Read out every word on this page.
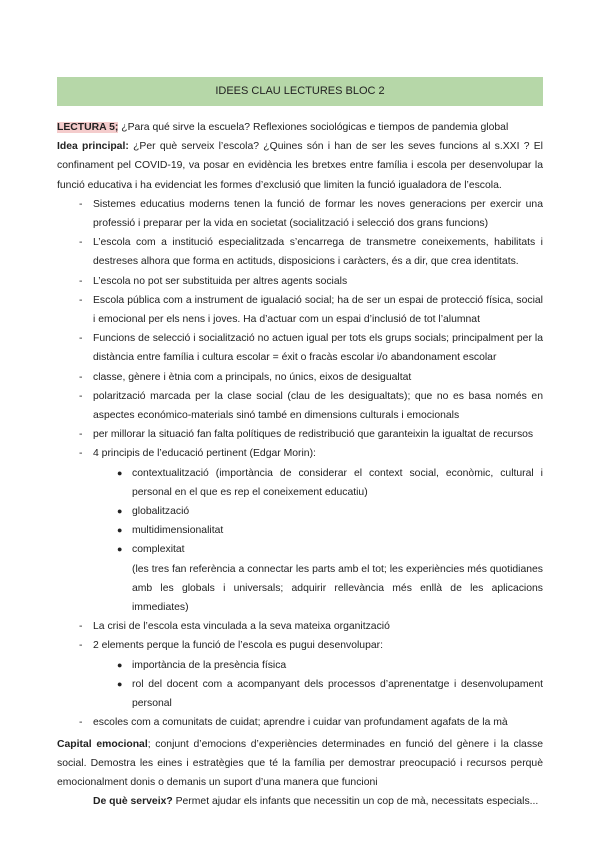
IDEES CLAU LECTURES BLOC 2

LECTURA 5; ¿Para qué sirve la escuela? Reflexiones sociológicas e tiempos de pandemia global

Idea principal: ¿Per què serveix l’escola? ¿Quines són i han de ser les seves funcions al s.XXI ? El confinament pel COVID-19, va posar en evidència les bretxes entre família i escola per desenvolupar la funció educativa i ha evidenciat les formes d’exclusió que limiten la funció igualadora de l’escola.

- Sistemes educatius moderns tenen la funció de formar les noves generacions per exercir una professió i preparar per la vida en societat (socialització i selecció dos grans funcions)
- L’escola com a institució especialitzada s’encarrega de transmetre coneixements, habilitats i destreses alhora que forma en actituds, disposicions i caràcters, és a dir, que crea identitats.
- L’escola no pot ser substituida per altres agents socials
- Escola pública com a instrument de igualació social; ha de ser un espai de protecció física, social i emocional per els nens i joves. Ha d’actuar com un espai d’inclusió de tot l’alumnat
- Funcions de selecció i socialització no actuen igual per tots els grups socials; principalment per la distància entre família i cultura escolar = éxit o fracàs escolar i/o abandonament escolar
- classe, gènere i ètnia com a principals, no únics, eixos de desigualtat
- polarització marcada per la clase social (clau de les desigualtats); que no es basa només en aspectes económico-materials sinó també en dimensions culturals i emocionals
- per millorar la situació fan falta polítiques de redistribució que garanteixin la igualtat de recursos
- 4 principis de l’educació pertinent (Edgar Morin):
● contextualització (importància de considerar el context social, econòmic, cultural i personal en el que es rep el coneixement educatiu)
● globalització
● multidimensionalitat
● complexitat
(les tres fan referència a connectar les parts amb el tot; les experiències més quotidianes amb les globals i universals; adquirir rellevància més enllà de les aplicacions immediates)
- La crisi de l’escola esta vinculada a la seva mateixa organització
- 2 elements perque la funció de l’escola es pugui desenvolupar:
● importància de la presència física
● rol del docent com a acompanyant dels processos d’aprenentatge i desenvolupament personal
- escoles com a comunitats de cuidat; aprendre i cuidar van profundament agafats de la mà

Capital emocional; conjunt d’emocions d’experiències determinades en funció del gènere i la classe social. Demostra les eines i estratègies que té la família per demostrar preocupació i recursos perquè emocionalment donis o demanis un suport d’una manera que funcioni

De què serveix? Permet ajudar els infants que necessitin un cop de mà, necessitats especials...
